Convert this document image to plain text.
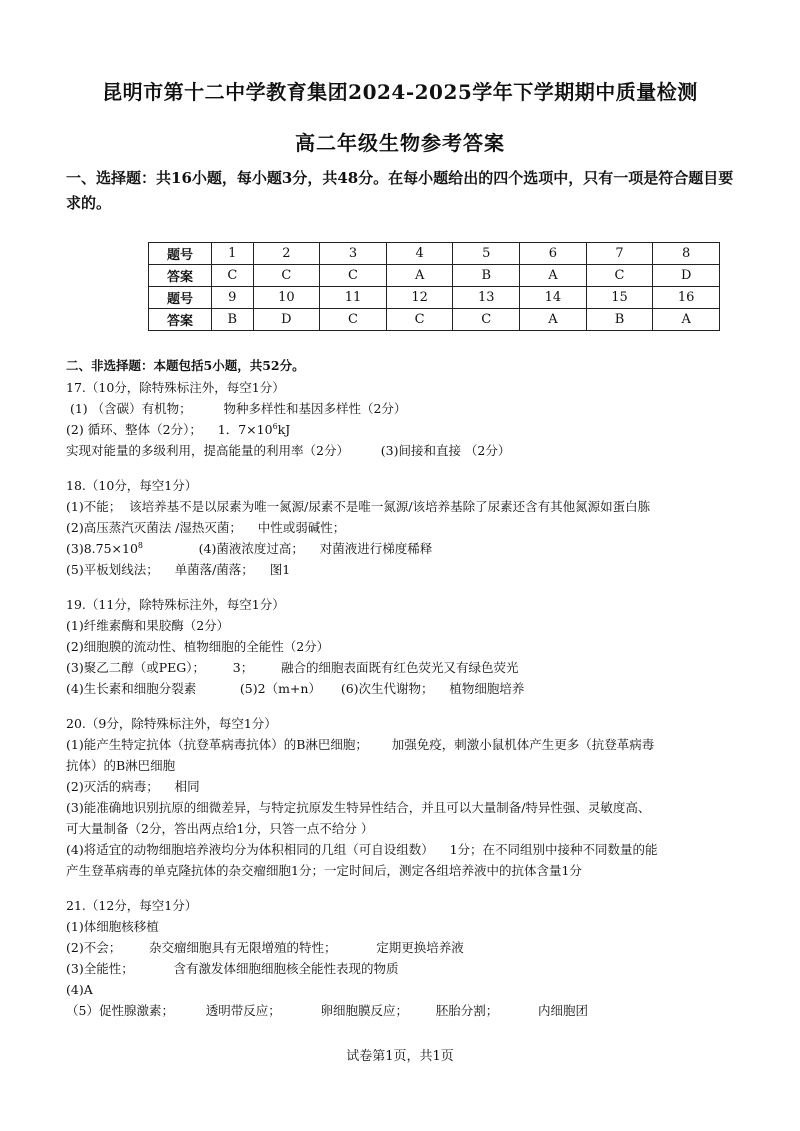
昆明市第十二中学教育集团2024-2025学年下学期期中质量检测
高二年级生物参考答案
一、选择题：共16小题，每小题3分，共48分。在每小题给出的四个选项中，只有一项是符合题目要求的。
题号	1	2	3	4	5	6	7	8
答案	C	C	C	A	B	A	C	D
题号	9	10	11	12	13	14	15	16
答案	B	D	C	C	C	A	B	A
二、非选择题：本题包括5小题，共52分。
17.（10分，除特殊标注外，每空1分）
(1) （含碳）有机物；        物种多样性和基因多样性（2分）
(2) 循环、整体（2分）；    1．$7\times 10^6kJ$
实现对能量的多级利用，提高能量的利用率（2分）        (3)间接和直接 （2分）
18.（10分，每空1分）
(1)不能；  该培养基不是以尿素为唯一氮源/尿素不是唯一氮源/该培养基除了尿素还含有其他氮源如蛋白胨
(2)高压蒸汽灭菌法 /湿热灭菌；    中性或弱碱性；
$(3)8.75\times 10^8$              (4)菌液浓度过高；    对菌液进行梯度稀释
(5)平板划线法；    单菌落/菌落；    图1
19.（11分，除特殊标注外，每空1分）
(1)纤维素酶和果胶酶（2分）
(2)细胞膜的流动性、植物细胞的全能性（2分）
(3)聚乙二醇（或PEG）；       3；       融合的细胞表面既有红色荧光又有绿色荧光
(4)生长素和细胞分裂素           (5)2（m+n）     (6)次生代谢物；    植物细胞培养
20.（9分，除特殊标注外，每空1分）
(1)能产生特定抗体（抗登革病毒抗体）的B淋巴细胞；      加强免疫，刺激小鼠机体产生更多（抗登革病毒
抗体）的B淋巴细胞
(2)灭活的病毒；    相同
(3)能准确地识别抗原的细微差异，与特定抗原发生特异性结合，并且可以大量制备/特异性强、灵敏度高、
可大量制备（2分，答出两点给1分，只答一点不给分 ）
(4)将适宜的动物细胞培养液均分为体积相同的几组（可自设组数）    1分；在不同组别中接种不同数量的能
产生登革病毒的单克隆抗体的杂交瘤细胞1分；一定时间后，测定各组培养液中的抗体含量1分
21.（12分，每空1分）
(1)体细胞核移植
(2)不会；       杂交瘤细胞具有无限增殖的特性；          定期更换培养液
(3)全能性；          含有激发体细胞细胞核全能性表现的物质
(4)A
（5）促性腺激素；        透明带反应；          卵细胞膜反应；       胚胎分割；          内细胞团
试卷第1页，共1页
